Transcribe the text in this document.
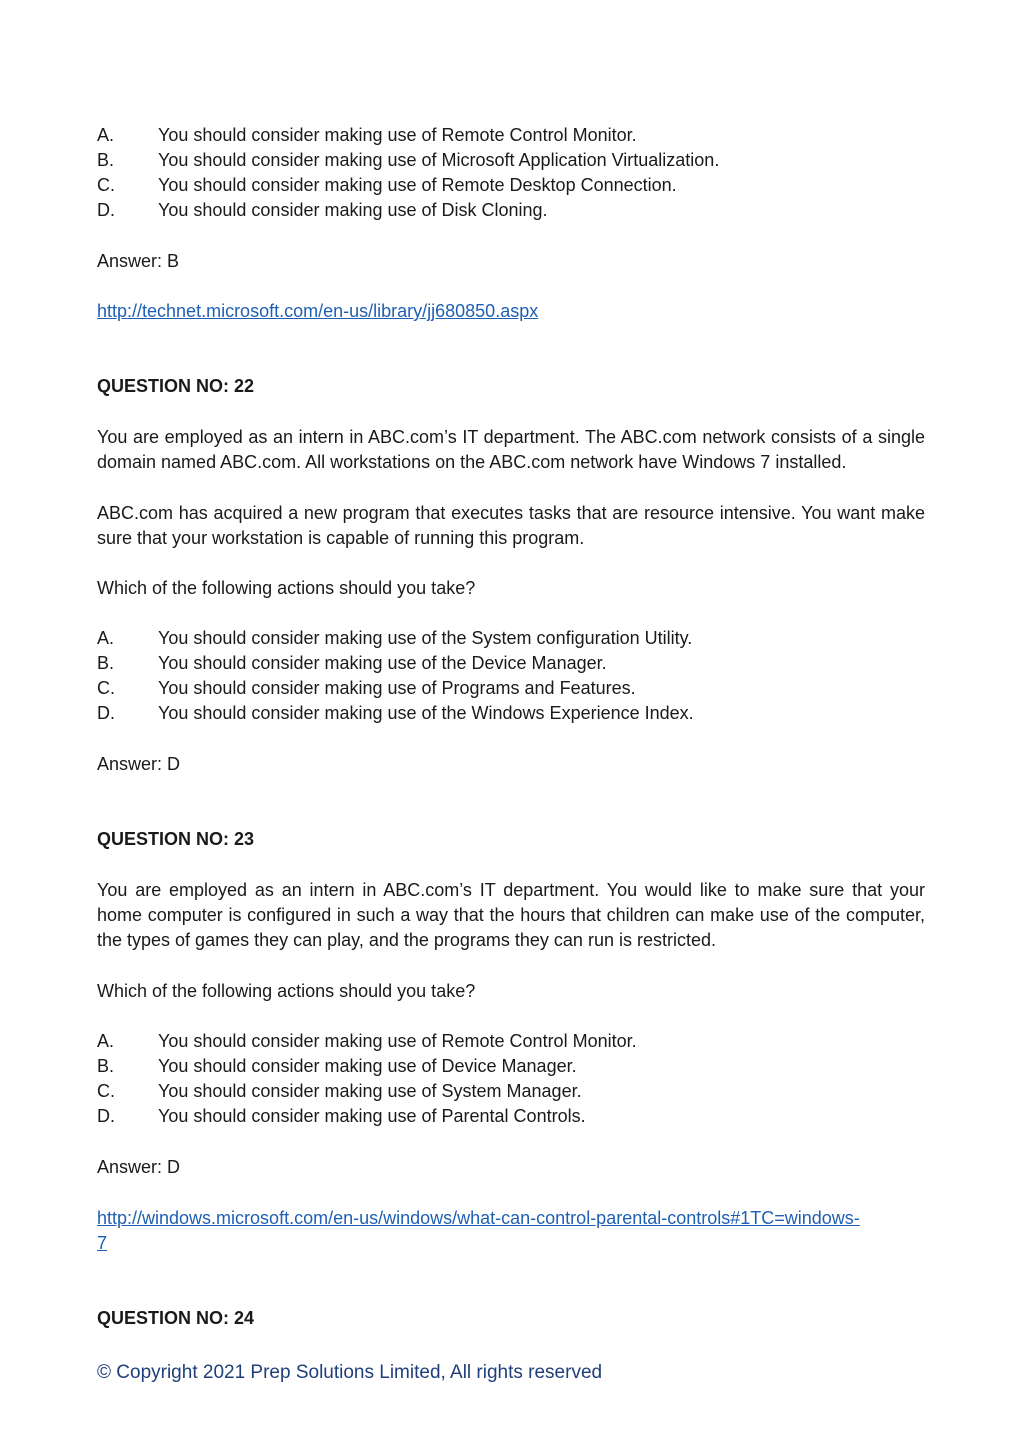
A. You should consider making use of Remote Control Monitor.
B. You should consider making use of Microsoft Application Virtualization.
C. You should consider making use of Remote Desktop Connection.
D. You should consider making use of Disk Cloning.
Answer: B
http://technet.microsoft.com/en-us/library/jj680850.aspx
QUESTION NO: 22
You are employed as an intern in ABC.com’s IT department. The ABC.com network consists of a single domain named ABC.com. All workstations on the ABC.com network have Windows 7 installed.
ABC.com has acquired a new program that executes tasks that are resource intensive. You want make sure that your workstation is capable of running this program.
Which of the following actions should you take?
A. You should consider making use of the System configuration Utility.
B. You should consider making use of the Device Manager.
C. You should consider making use of Programs and Features.
D. You should consider making use of the Windows Experience Index.
Answer: D
QUESTION NO: 23
You are employed as an intern in ABC.com’s IT department. You would like to make sure that your home computer is configured in such a way that the hours that children can make use of the computer, the types of games they can play, and the programs they can run is restricted.
Which of the following actions should you take?
A. You should consider making use of Remote Control Monitor.
B. You should consider making use of Device Manager.
C. You should consider making use of System Manager.
D. You should consider making use of Parental Controls.
Answer: D
http://windows.microsoft.com/en-us/windows/what-can-control-parental-controls#1TC=windows-
7
QUESTION NO: 24
© Copyright 2021 Prep Solutions Limited, All rights reserved
